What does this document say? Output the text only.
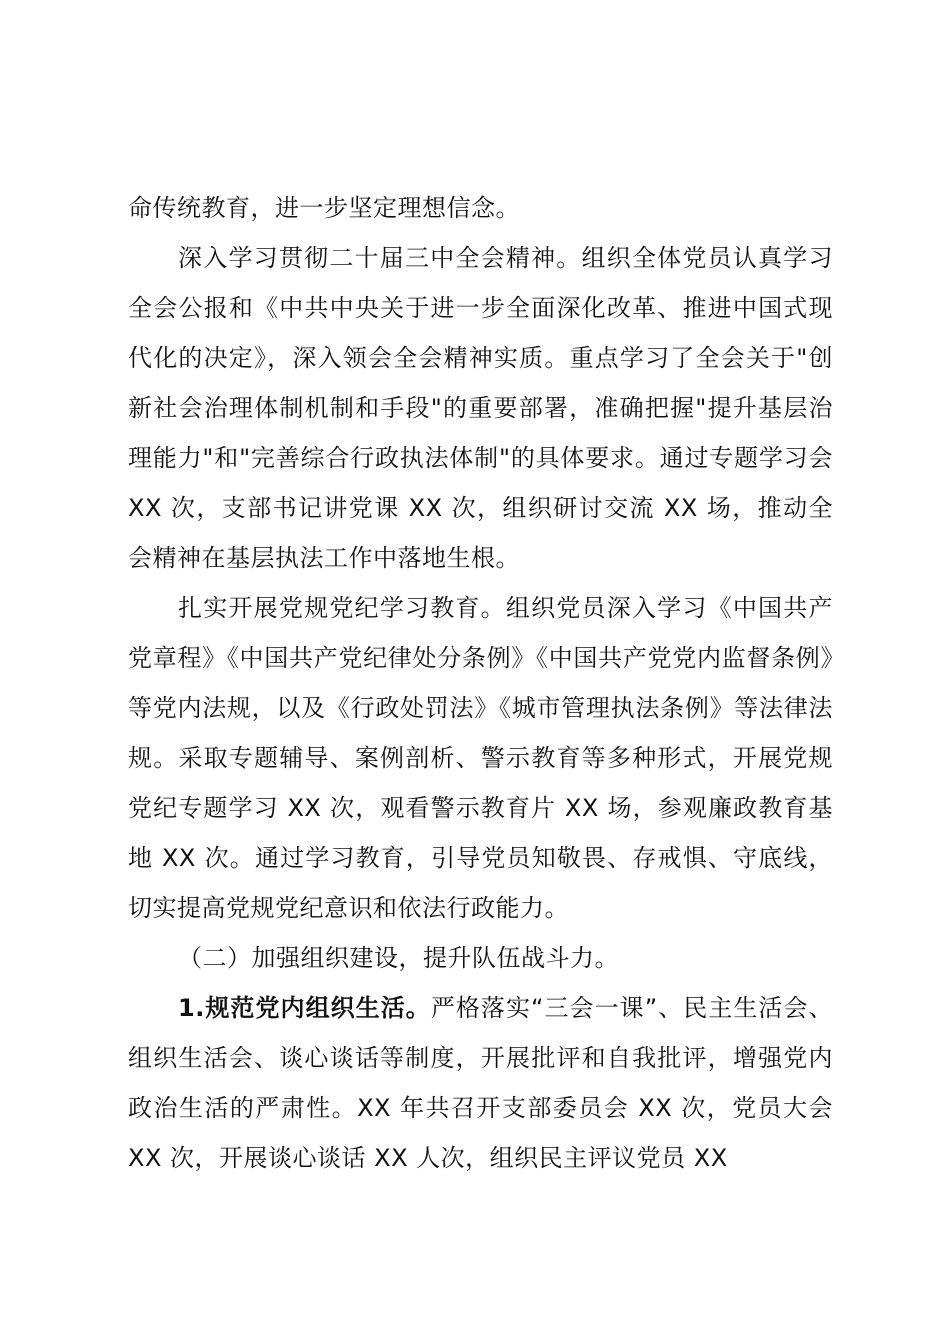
命传统教育，进一步坚定理想信念。

深入学习贯彻二十届三中全会精神。组织全体党员认真学习全会公报和《中共中央关于进一步全面深化改革、推进中国式现代化的决定》，深入领会全会精神实质。重点学习了全会关于"创新社会治理体制机制和手段"的重要部署，准确把握"提升基层治理能力"和"完善综合行政执法体制"的具体要求。通过专题学习会 XX 次，支部书记讲党课 XX 次，组织研讨交流 XX 场，推动全会精神在基层执法工作中落地生根。

扎实开展党规党纪学习教育。组织党员深入学习《中国共产党章程》《中国共产党纪律处分条例》《中国共产党党内监督条例》等党内法规，以及《行政处罚法》《城市管理执法条例》等法律法规。采取专题辅导、案例剖析、警示教育等多种形式，开展党规党纪专题学习 XX 次，观看警示教育片 XX 场，参观廉政教育基地 XX 次。通过学习教育，引导党员知敬畏、存戒惧、守底线，切实提高党规党纪意识和依法行政能力。

（二）加强组织建设，提升队伍战斗力。

1.规范党内组织生活。严格落实“三会一课”、民主生活会、组织生活会、谈心谈话等制度，开展批评和自我批评，增强党内政治生活的严肃性。XX 年共召开支部委员会 XX 次，党员大会 XX 次，开展谈心谈话 XX 人次，组织民主评议党员 XX
